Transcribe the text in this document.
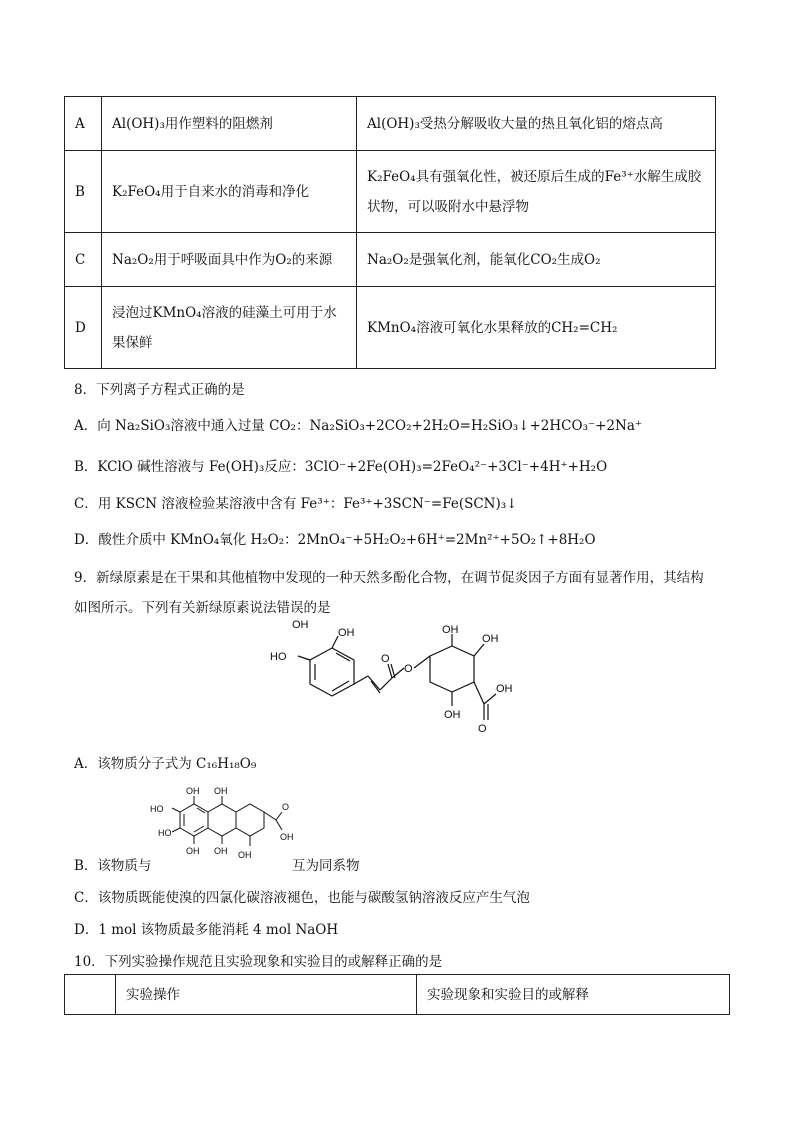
A	Al(OH)₃用作塑料的阻燃剂	Al(OH)₃受热分解吸收大量的热且氧化铝的熔点高
B	K₂FeO₄用于自来水的消毒和净化	K₂FeO₄具有强氧化性，被还原后生成的Fe³⁺水解生成胶状物，可以吸附水中悬浮物
C	Na₂O₂用于呼吸面具中作为O₂的来源	Na₂O₂是强氧化剂，能氧化CO₂生成O₂
D	浸泡过KMnO₄溶液的硅藻土可用于水果保鲜	KMnO₄溶液可氧化水果释放的CH₂=CH₂
8．下列离子方程式正确的是
A．向 Na₂SiO₃溶液中通入过量 CO₂：Na₂SiO₃+2CO₂+2H₂O=H₂SiO₃↓+2HCO₃⁻+2Na⁺
B．KClO 碱性溶液与 Fe(OH)₃反应：3ClO⁻+2Fe(OH)₃=2FeO₄²⁻+3Cl⁻+4H⁺+H₂O
C．用 KSCN 溶液检验某溶液中含有 Fe³⁺：Fe³⁺+3SCN⁻=Fe(SCN)₃↓
D．酸性介质中 KMnO₄氧化 H₂O₂：2MnO₄⁻+5H₂O₂+6H⁺=2Mn²⁺+5O₂↑+8H₂O
9．新绿原素是在干果和其他植物中发现的一种天然多酚化合物，在调节促炎因子方面有显著作用，其结构
如图所示。下列有关新绿原素说法错误的是
OH
OH
HO	O
O
OH
OH
OH
OH
O
A．该物质分子式为 C₁₆H₁₈O₉
HO
OH OH
HO
OH OH OH
O
OH
B．该物质与	互为同系物
C．该物质既能使溴的四氯化碳溶液褪色，也能与碳酸氢钠溶液反应产生气泡
D．1 mol 该物质最多能消耗 4 mol NaOH
10．下列实验操作规范且实验现象和实验目的或解释正确的是
	实验操作	实验现象和实验目的或解释
